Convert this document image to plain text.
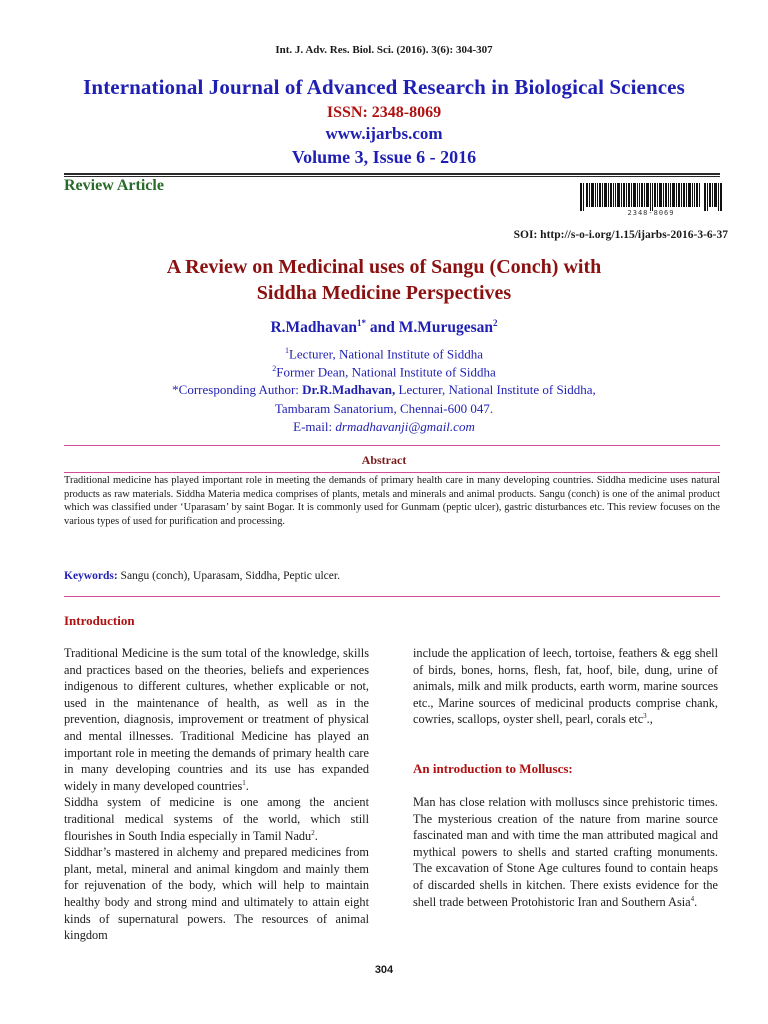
Int. J. Adv. Res. Biol. Sci. (2016). 3(6): 304-307
International Journal of Advanced Research in Biological Sciences
ISSN: 2348-8069
www.ijarbs.com
Volume 3, Issue 6 - 2016
Review Article
2348-8069
SOI: http://s-o-i.org/1.15/ijarbs-2016-3-6-37
A Review on Medicinal uses of Sangu (Conch) with
Siddha Medicine Perspectives
R.Madhavan$^{1*}$ and M.Murugesan$^2$
$^1$Lecturer, National Institute of Siddha
$^2$Former Dean, National Institute of Siddha
*Corresponding Author: Dr.R.Madhavan, Lecturer, National Institute of Siddha,
Tambaram Sanatorium, Chennai-600 047.
E-mail: drmadhavanji@gmail.com
Abstract
Traditional medicine has played important role in meeting the demands of primary health care in many developing countries. Siddha medicine uses natural products as raw materials. Siddha Materia medica comprises of plants, metals and minerals and animal products. Sangu (conch) is one of the animal product which was classified under ‘Uparasam’ by saint Bogar. It is commonly used for Gunmam (peptic ulcer), gastric disturbances etc. This review focuses on the various types of used for purification and processing.
Keywords: Sangu (conch), Uparasam, Siddha, Peptic ulcer.
Introduction
Traditional Medicine is the sum total of the knowledge, skills and practices based on the theories, beliefs and experiences indigenous to different cultures, whether explicable or not, used in the maintenance of health, as well as in the prevention, diagnosis, improvement or treatment of physical and mental illnesses. Traditional Medicine has played an important role in meeting the demands of primary health care in many developing countries and its use has expanded widely in many developed countries$^1$.
Siddha system of medicine is one among the ancient traditional medical systems of the world, which still flourishes in South India especially in Tamil Nadu$^2$.
Siddhar’s mastered in alchemy and prepared medicines from plant, metal, mineral and animal kingdom and mainly them for rejuvenation of the body, which will help to maintain healthy body and strong mind and ultimately to attain eight kinds of supernatural powers. The resources of animal kingdom
include the application of leech, tortoise, feathers & egg shell of birds, bones, horns, flesh, fat, hoof, bile, dung, urine of animals, milk and milk products, earth worm, marine sources etc., Marine sources of medicinal products comprise chank, cowries, scallops, oyster shell, pearl, corals etc$^3$.,
An introduction to Molluscs:
Man has close relation with molluscs since prehistoric times. The mysterious creation of the nature from marine source fascinated man and with time the man attributed magical and mythical powers to shells and started crafting monuments. The excavation of Stone Age cultures found to contain heaps of discarded shells in kitchen. There exists evidence for the shell trade between Protohistoric Iran and Southern Asia$^4$.
304
